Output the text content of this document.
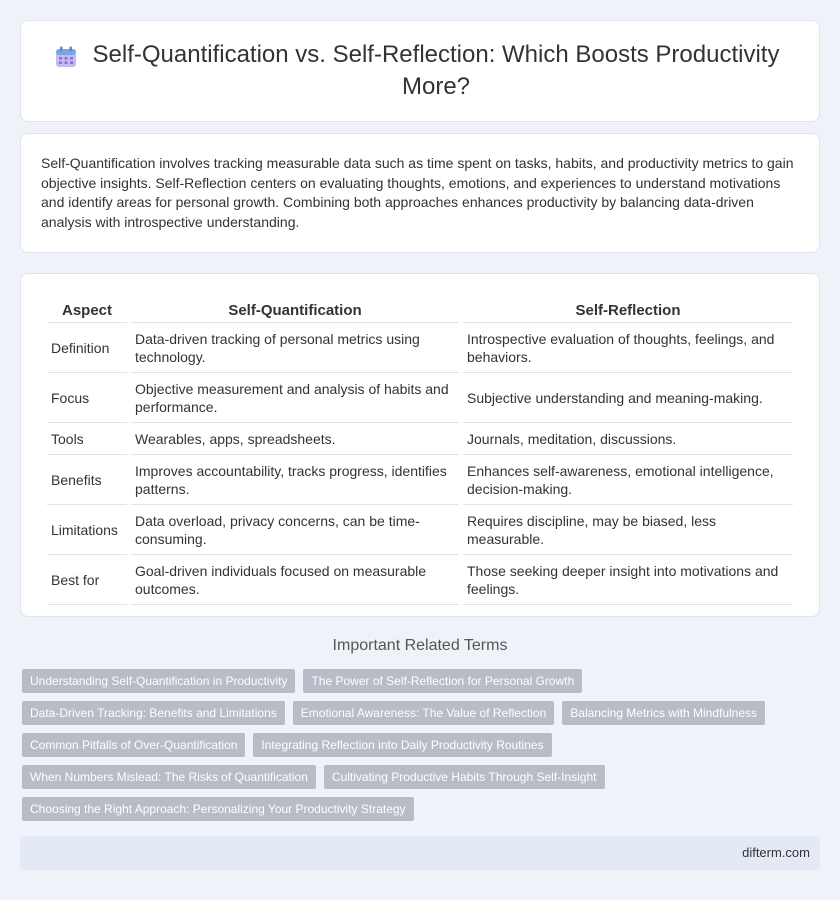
Self-Quantification vs. Self-Reflection: Which Boosts Productivity More?

Self-Quantification involves tracking measurable data such as time spent on tasks, habits, and productivity metrics to gain objective insights. Self-Reflection centers on evaluating thoughts, emotions, and experiences to understand motivations and identify areas for personal growth. Combining both approaches enhances productivity by balancing data-driven analysis with introspective understanding.

Aspect	Self-Quantification	Self-Reflection
Definition	Data-driven tracking of personal metrics using technology.	Introspective evaluation of thoughts, feelings, and behaviors.
Focus	Objective measurement and analysis of habits and performance.	Subjective understanding and meaning-making.
Tools	Wearables, apps, spreadsheets.	Journals, meditation, discussions.
Benefits	Improves accountability, tracks progress, identifies patterns.	Enhances self-awareness, emotional intelligence, decision-making.
Limitations	Data overload, privacy concerns, can be time-consuming.	Requires discipline, may be biased, less measurable.
Best for	Goal-driven individuals focused on measurable outcomes.	Those seeking deeper insight into motivations and feelings.
Important Related Terms
Understanding Self-Quantification in Productivity	The Power of Self-Reflection for Personal Growth
Data-Driven Tracking: Benefits and Limitations	Emotional Awareness: The Value of Reflection	Balancing Metrics with Mindfulness
Common Pitfalls of Over-Quantification	Integrating Reflection into Daily Productivity Routines
When Numbers Mislead: The Risks of Quantification	Cultivating Productive Habits Through Self-Insight
Choosing the Right Approach: Personalizing Your Productivity Strategy
difterm.com
